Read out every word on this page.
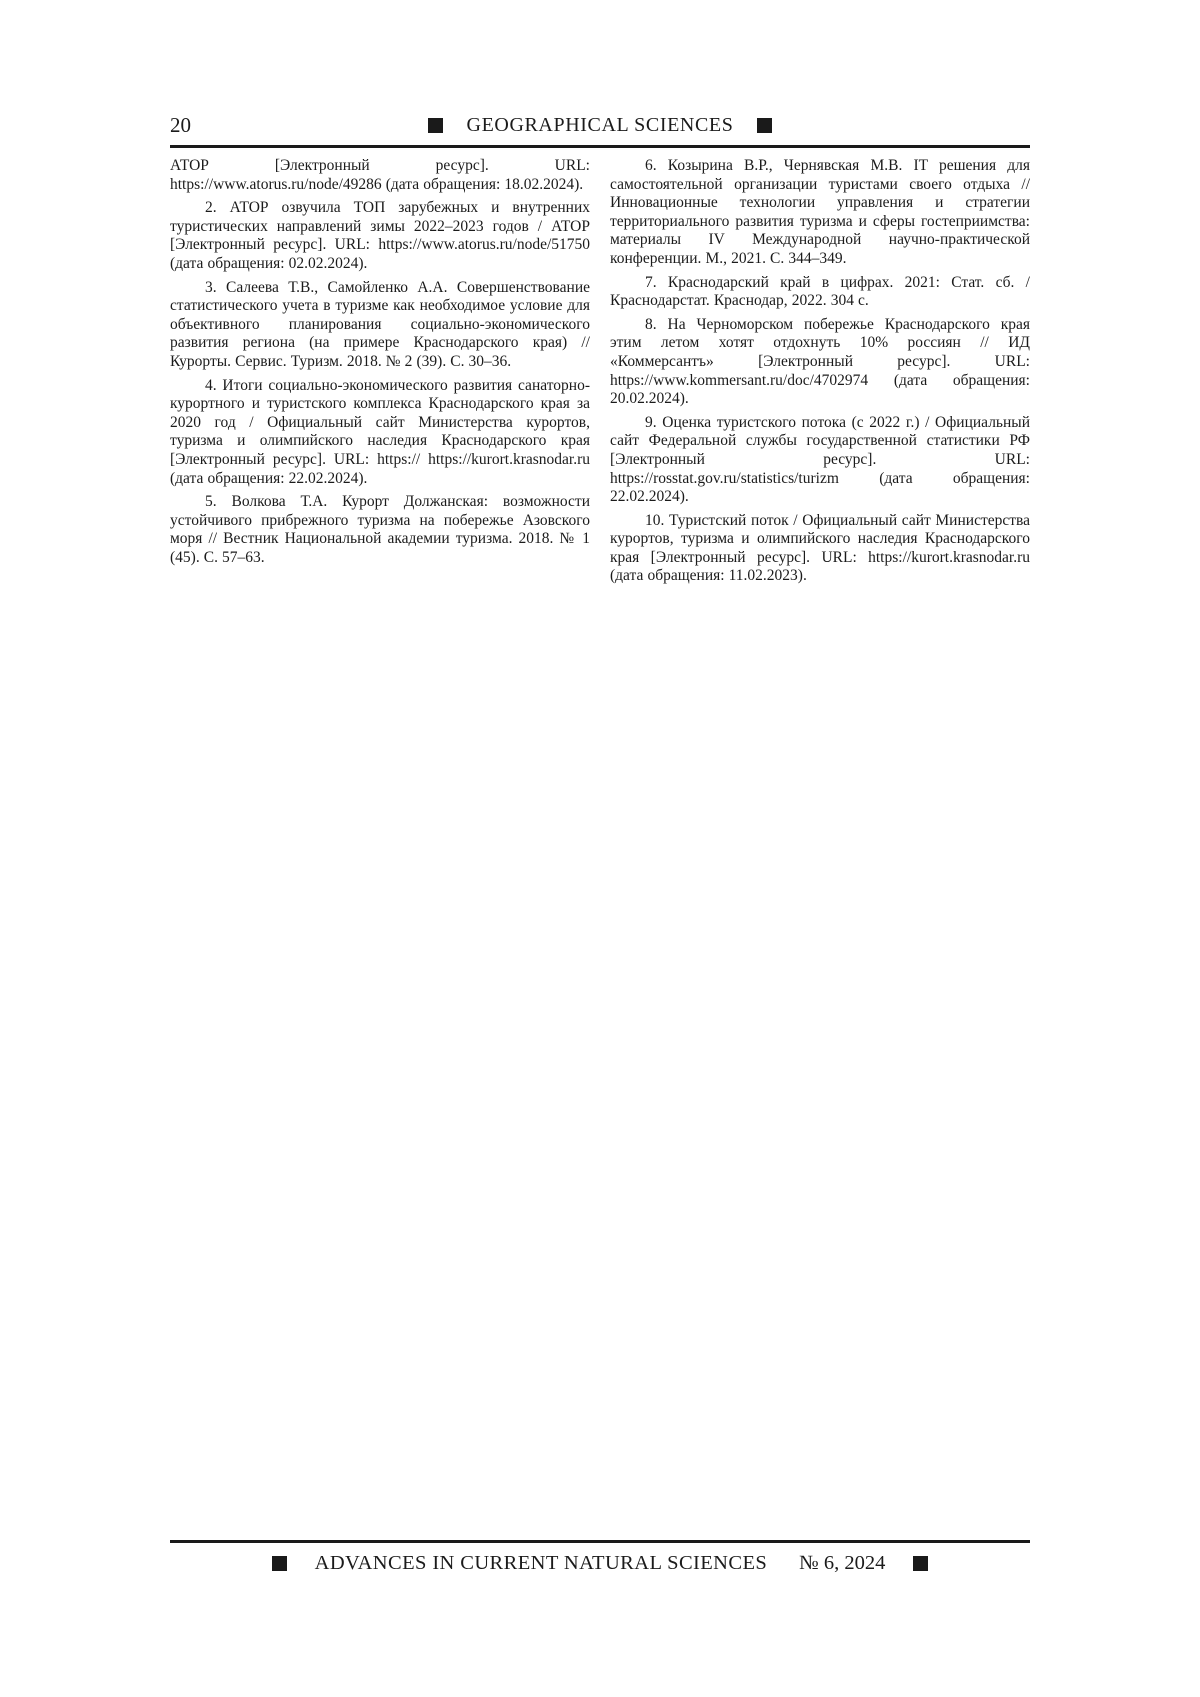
20	GEOGRAPHICAL SCIENCES

АТОР [Электронный ресурс]. URL: https://www.atorus.ru/node/49286 (дата обращения: 18.02.2024).

2. АТОР озвучила ТОП зарубежных и внутренних туристических направлений зимы 2022–2023 годов / АТОР [Электронный ресурс]. URL: https://www.atorus.ru/node/51750 (дата обращения: 02.02.2024).

3. Салеева Т.В., Самойленко А.А. Совершенствование статистического учета в туризме как необходимое условие для объективного планирования социально-экономического развития региона (на примере Краснодарского края) // Курорты. Сервис. Туризм. 2018. № 2 (39). С. 30–36.

4. Итоги социально-экономического развития санаторно-курортного и туристского комплекса Краснодарского края за 2020 год / Официальный сайт Министерства курортов, туризма и олимпийского наследия Краснодарского края [Электронный ресурс]. URL: https:// https://kurort.krasnodar.ru (дата обращения: 22.02.2024).

5. Волкова Т.А. Курорт Должанская: возможности устойчивого прибрежного туризма на побережье Азовского моря // Вестник Национальной академии туризма. 2018. № 1 (45). С. 57–63.

6. Козырина В.Р., Чернявская М.В. IT решения для самостоятельной организации туристами своего отдыха // Инновационные технологии управления и стратегии территориального развития туризма и сферы гостеприимства: материалы IV Международной научно-практической конференции. М., 2021. С. 344–349.

7. Краснодарский край в цифрах. 2021: Стат. сб. / Краснодарстат. Краснодар, 2022. 304 с.

8. На Черноморском побережье Краснодарского края этим летом хотят отдохнуть 10% россиян // ИД «Коммерсантъ» [Электронный ресурс]. URL: https://www.kommersant.ru/doc/4702974 (дата обращения: 20.02.2024).

9. Оценка туристского потока (с 2022 г.) / Официальный сайт Федеральной службы государственной статистики РФ [Электронный ресурс]. URL: https://rosstat.gov.ru/statistics/turizm (дата обращения: 22.02.2024).

10. Туристский поток / Официальный сайт Министерства курортов, туризма и олимпийского наследия Краснодарского края [Электронный ресурс]. URL: https://kurort.krasnodar.ru (дата обращения: 11.02.2023).

ADVANCES IN CURRENT NATURAL SCIENCES № 6, 2024
